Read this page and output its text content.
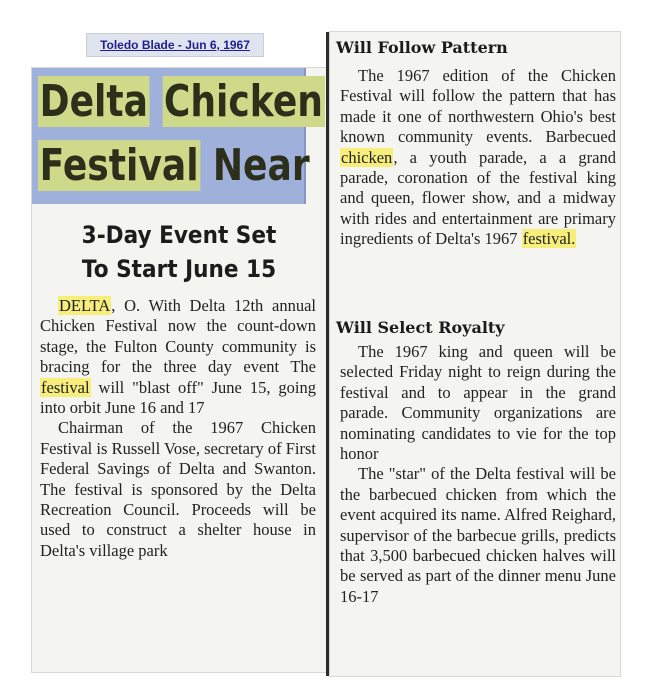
Toledo Blade - Jun 6, 1967
Delta Chicken
Festival Near
3-Day Event Set
To Start June 15

DELTA, O. With Delta 12th annual Chicken Festival now the count-down stage, the Fulton County community is bracing for the three day event The festival will "blast off" June 15, going into orbit June 16 and 17

Chairman of the 1967 Chicken Festival is Russell Vose, secretary of First Federal Savings of Delta and Swanton. The festival is sponsored by the Delta Recreation Council. Proceeds will be used to construct a shelter house in Delta's village park

Will Follow Pattern

The 1967 edition of the Chicken Festival will follow the pattern that has made it one of northwestern Ohio's best known community events. Barbecued chicken, a youth parade, a a grand parade, coronation of the festival king and queen, flower show, and a midway with rides and entertainment are primary ingredients of Delta's 1967 festival.

Will Select Royalty

The 1967 king and queen will be selected Friday night to reign during the festival and to appear in the grand parade. Community organizations are nominating candidates to vie for the top honor

The "star" of the Delta festival will be the barbecued chicken from which the event acquired its name. Alfred Reighard, supervisor of the barbecue grills, predicts that 3,500 barbecued chicken halves will be served as part of the dinner menu June 16-17
